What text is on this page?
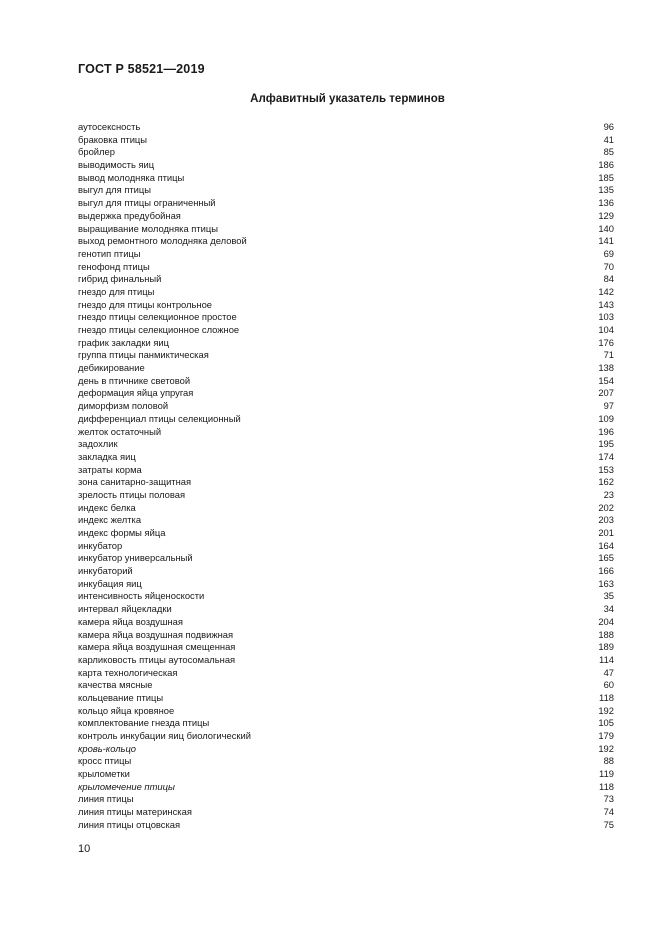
ГОСТ Р 58521—2019
Алфавитный указатель терминов
аутосексность	96
браковка птицы	41
бройлер	85
выводимость яиц	186
вывод молодняка птицы	185
выгул для птицы	135
выгул для птицы ограниченный	136
выдержка предубойная	129
выращивание молодняка птицы	140
выход ремонтного молодняка деловой	141
генотип птицы	69
генофонд птицы	70
гибрид финальный	84
гнездо для птицы	142
гнездо для птицы контрольное	143
гнездо птицы селекционное простое	103
гнездо птицы селекционное сложное	104
график закладки яиц	176
группа птицы панмиктическая	71
дебикирование	138
день в птичнике световой	154
деформация яйца упругая	207
диморфизм половой	97
дифференциал птицы селекционный	109
желток остаточный	196
задохлик	195
закладка яиц	174
затраты корма	153
зона санитарно-защитная	162
зрелость птицы половая	23
индекс белка	202
индекс желтка	203
индекс формы яйца	201
инкубатор	164
инкубатор универсальный	165
инкубаторий	166
инкубация яиц	163
интенсивность яйценоскости	35
интервал яйцекладки	34
камера яйца воздушная	204
камера яйца воздушная подвижная	188
камера яйца воздушная смещенная	189
карликовость птицы аутосомальная	114
карта технологическая	47
качества мясные	60
кольцевание птицы	118
кольцо яйца кровяное	192
комплектование гнезда птицы	105
контроль инкубации яиц биологический	179
кровь-кольцо	192
кросс птицы	88
крылометки	119
крыломечение птицы	118
линия птицы	73
линия птицы материнская	74
линия птицы отцовская	75
10
